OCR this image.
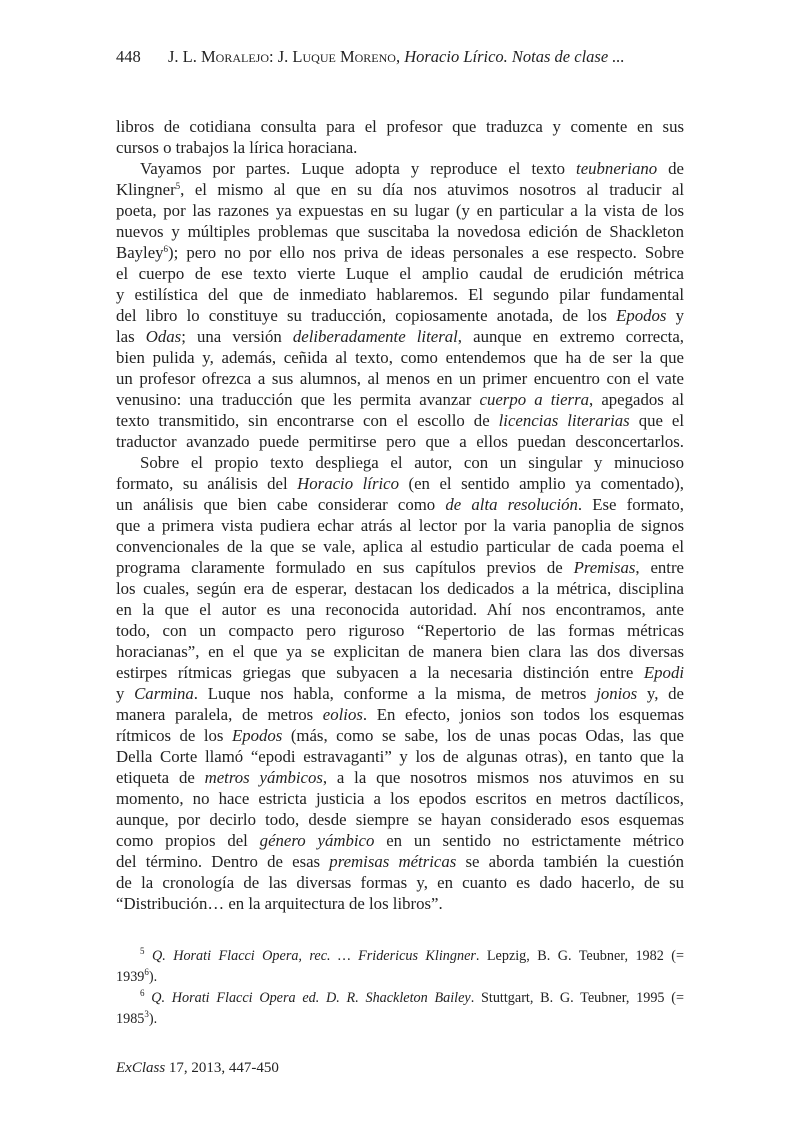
448 J. L. Moralejo: J. Luque Moreno, Horacio Lírico. Notas de clase ...
libros de cotidiana consulta para el profesor que traduzca y comente en sus
cursos o trabajos la lírica horaciana.
Vayamos por partes. Luque adopta y reproduce el texto teubneriano de
Klingner$^5$, el mismo al que en su día nos atuvimos nosotros al traducir al
poeta, por las razones ya expuestas en su lugar (y en particular a la vista de los
nuevos y múltiples problemas que suscitaba la novedosa edición de Shackleton
Bayley$^6$); pero no por ello nos priva de ideas personales a ese respecto. Sobre
el cuerpo de ese texto vierte Luque el amplio caudal de erudición métrica
y estilística del que de inmediato hablaremos. El segundo pilar fundamental
del libro lo constituye su traducción, copiosamente anotada, de los Epodos y
las Odas; una versión deliberadamente literal, aunque en extremo correcta,
bien pulida y, además, ceñida al texto, como entendemos que ha de ser la que
un profesor ofrezca a sus alumnos, al menos en un primer encuentro con el vate
venusino: una traducción que les permita avanzar cuerpo a tierra, apegados al
texto transmitido, sin encontrarse con el escollo de licencias literarias que el
traductor avanzado puede permitirse pero que a ellos puedan desconcertarlos.
Sobre el propio texto despliega el autor, con un singular y minucioso
formato, su análisis del Horacio lírico (en el sentido amplio ya comentado),
un análisis que bien cabe considerar como de alta resolución. Ese formato,
que a primera vista pudiera echar atrás al lector por la varia panoplia de signos
convencionales de la que se vale, aplica al estudio particular de cada poema el
programa claramente formulado en sus capítulos previos de Premisas, entre
los cuales, según era de esperar, destacan los dedicados a la métrica, disciplina
en la que el autor es una reconocida autoridad. Ahí nos encontramos, ante
todo, con un compacto pero riguroso “Repertorio de las formas métricas
horacianas”, en el que ya se explicitan de manera bien clara las dos diversas
estirpes rítmicas griegas que subyacen a la necesaria distinción entre Epodi
y Carmina. Luque nos habla, conforme a la misma, de metros jonios y, de
manera paralela, de metros eolios. En efecto, jonios son todos los esquemas
rítmicos de los Epodos (más, como se sabe, los de unas pocas Odas, las que
Della Corte llamó “epodi estravaganti” y los de algunas otras), en tanto que la
etiqueta de metros yámbicos, a la que nosotros mismos nos atuvimos en su
momento, no hace estricta justicia a los epodos escritos en metros dactílicos,
aunque, por decirlo todo, desde siempre se hayan considerado esos esquemas
como propios del género yámbico en un sentido no estrictamente métrico
del término. Dentro de esas premisas métricas se aborda también la cuestión
de la cronología de las diversas formas y, en cuanto es dado hacerlo, de su
“Distribución… en la arquitectura de los libros”.
$^5$ Q. Horati Flacci Opera, rec. … Fridericus Klingner. Lepzig, B. G. Teubner, 1982 (=
$1939^6$).
$^6$ Q. Horati Flacci Opera ed. D. R. Shackleton Bailey. Stuttgart, B. G. Teubner, 1995 (=
$1985^3$).
ExClass 17, 2013, 447-450
